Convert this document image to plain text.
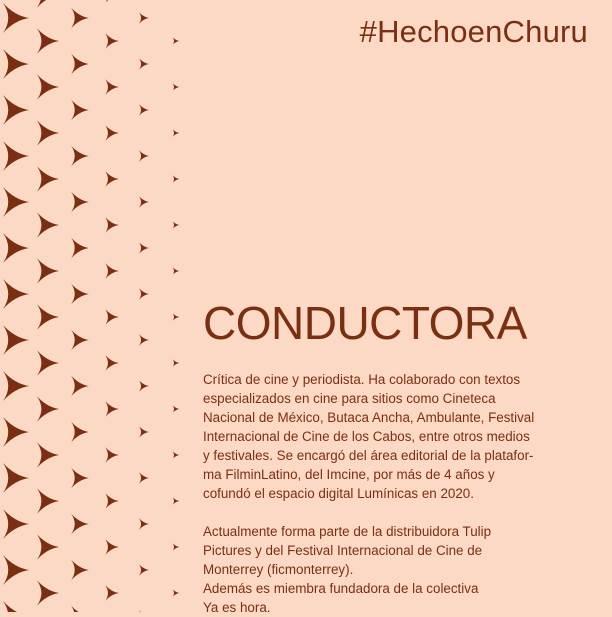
#HechoenChuru
CONDUCTORA
Crítica de cine y periodista. Ha colaborado con textos
especializados en cine para sitios como Cineteca
Nacional de México, Butaca Ancha, Ambulante, Festival
Internacional de Cine de los Cabos, entre otros medios
y festivales. Se encargó del área editorial de la platafor-
ma FilminLatino, del Imcine, por más de 4 años y
cofundó el espacio digital Lumínicas en 2020.
Actualmente forma parte de la distribuidora Tulip
Pictures y del Festival Internacional de Cine de
Monterrey (ficmonterrey).
Además es miembra fundadora de la colectiva
Ya es hora.
